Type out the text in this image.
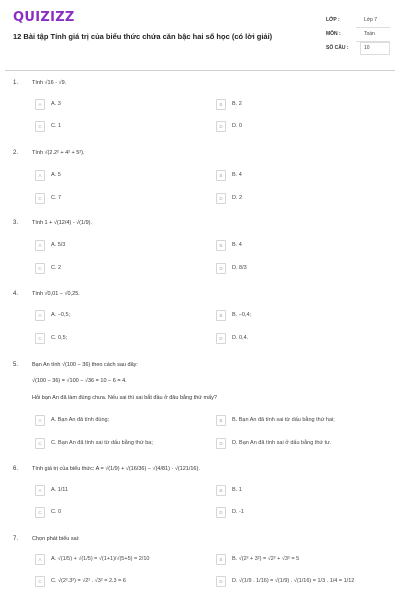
QUIZIZZ
12 Bài tập Tính giá trị của biểu thức chứa căn bậc hai số học (có lời giải)
LỚP :	Lớp 7
MÔN :	Toán
SỐ CÂU :	10
1.	Tính √16 - √9.
A	A. 3	B	B. 2
C	C. 1	D	D. 0
2.	Tính √(2.2² + 4² + 5²).
A	A. 5	B	B. 4
C	C. 7	D	D. 2
3.	Tính 1 + √(12/4) - √(1/9).
A	A. 5/3	B	B. 4
C	C. 2	D	D. 8/3
4.	Tính √0,01 − √0,25.
A	A. −0,5;	B	B. −0,4;
C	C. 0,5;	D	D. 0,4.
5.	Bạn An tính √(100 − 36) theo cách sau đây:
√(100 − 36) = √100 − √36 = 10 − 6 = 4.
Hỏi bạn An đã làm đúng chưa. Nếu sai thì sai bắt đầu ở đâu bằng thứ mấy?
A	A. Bạn An đã tính đúng;	B	B. Bạn An đã tính sai từ dấu bằng thứ hai;
C	C. Bạn An đã tính sai từ dấu bằng thứ ba;	D	D. Bạn An đã tính sai ở dấu bằng thứ tư.
6.	Tính giá trị của biểu thức: A = √(1/9) + √(16/36) − √(4/81) · √(121/16).
A	A. 1/11	B	B. 1
C	C. 0	D	D. -1
7.	Chọn phát biểu sai:
A	A. √(1/5) + √(1/5) = √(1+1)/√(5+5) = 2/10	B	B. √(2² + 3²) = √2² + √3² = 5
C	C. √(2².3²) = √2² . √3² = 2.3 = 6	D	D. √(1/9 . 1/16) = √(1/9) . √(1/16) = 1/3 . 1/4 = 1/12
